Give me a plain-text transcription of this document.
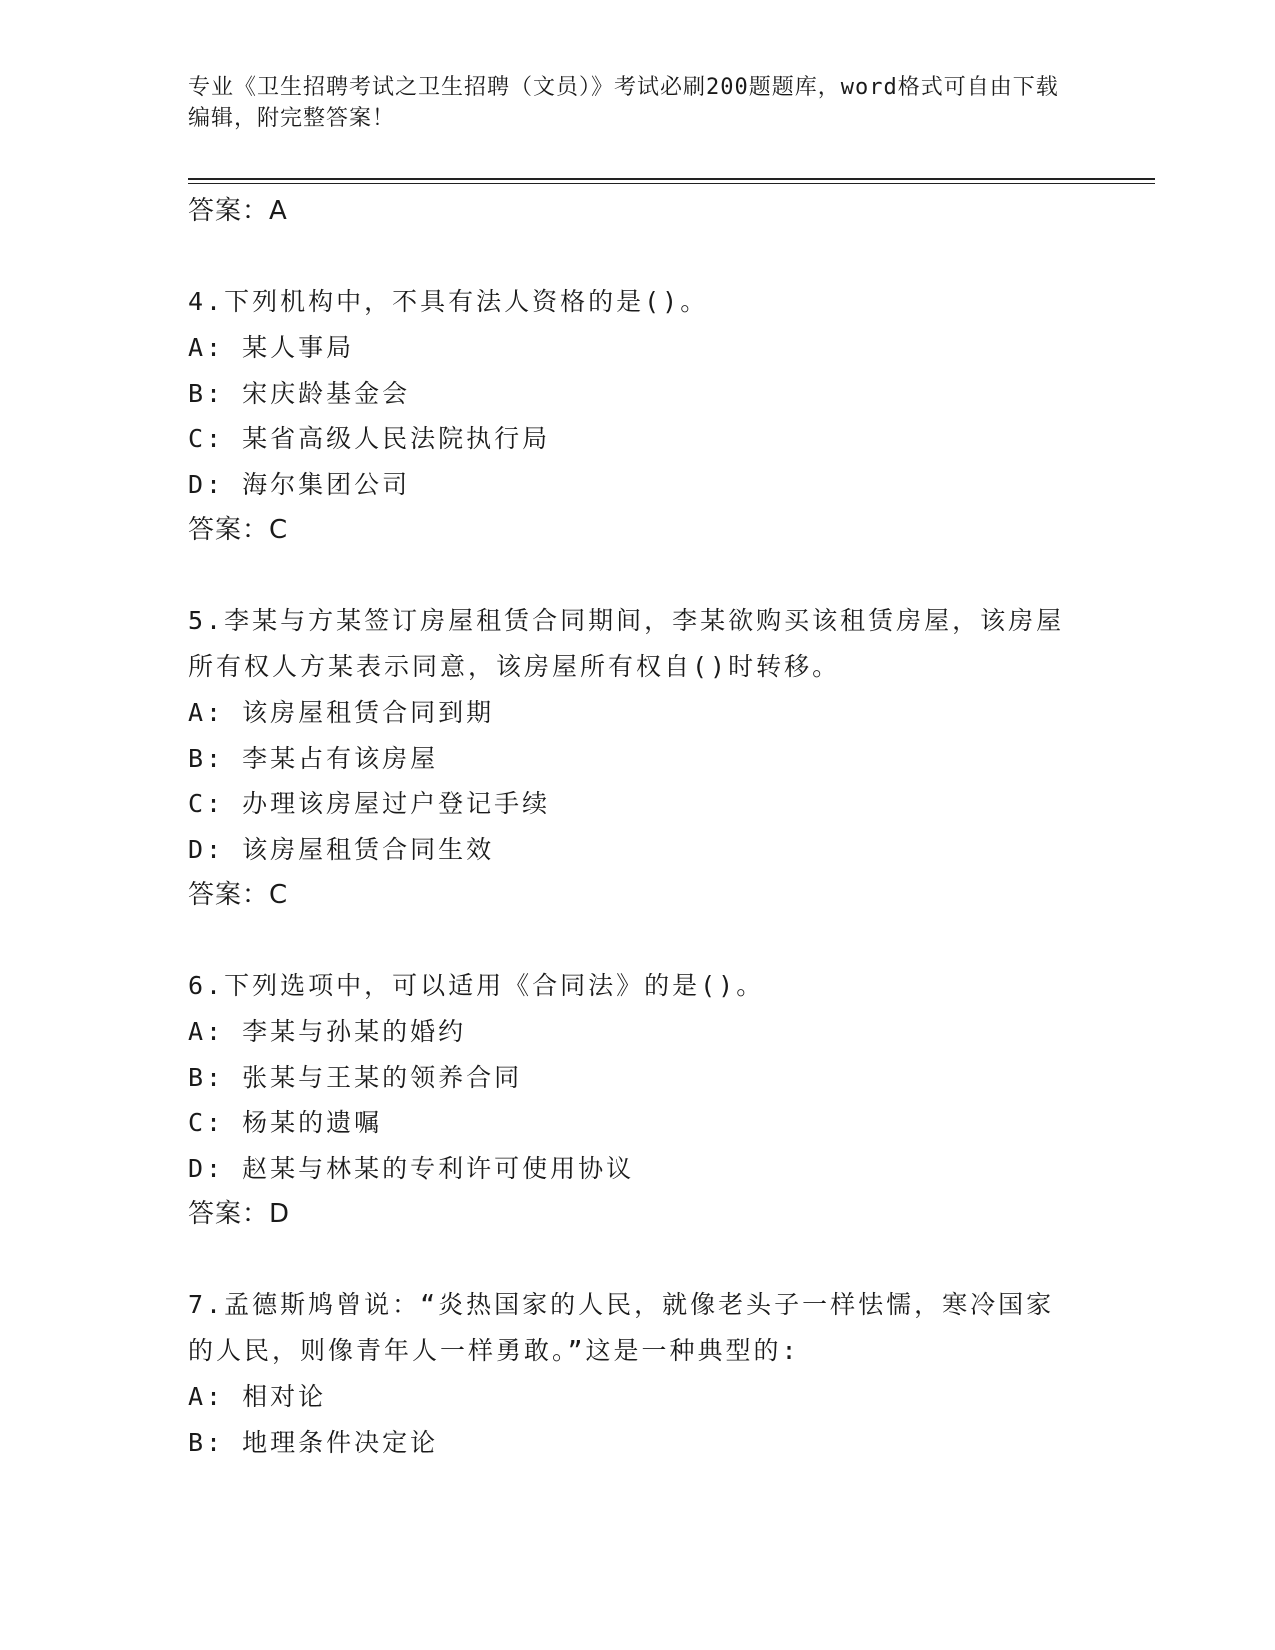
专业《卫生招聘考试之卫生招聘（文员）》考试必刷200题题库，word格式可自由下载编辑，附完整答案！

答案：A

4.下列机构中，不具有法人资格的是()。

A: 某人事局

B: 宋庆龄基金会

C: 某省高级人民法院执行局

D: 海尔集团公司

答案：C

5.李某与方某签订房屋租赁合同期间，李某欲购买该租赁房屋，该房屋所有权人方某表示同意，该房屋所有权自()时转移。

A: 该房屋租赁合同到期

B: 李某占有该房屋

C: 办理该房屋过户登记手续

D: 该房屋租赁合同生效

答案：C

6.下列选项中，可以适用《合同法》的是()。

A: 李某与孙某的婚约

B: 张某与王某的领养合同

C: 杨某的遗嘱

D: 赵某与林某的专利许可使用协议

答案：D

7.孟德斯鸠曾说：“炎热国家的人民，就像老头子一样怯懦，寒冷国家的人民，则像青年人一样勇敢。”这是一种典型的:

A: 相对论

B: 地理条件决定论
